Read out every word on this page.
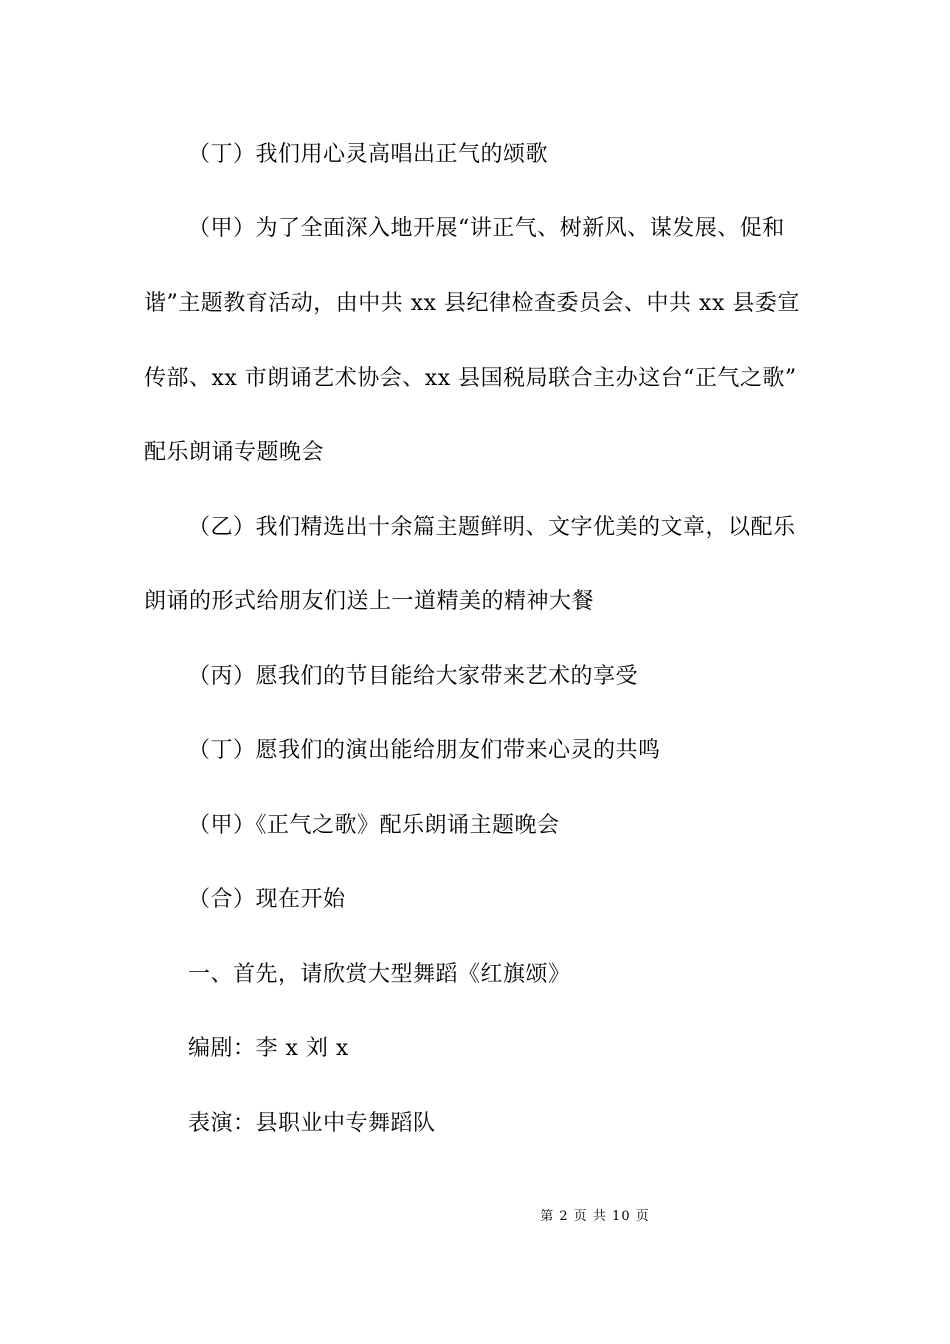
（丁）我们用心灵高唱出正气的颂歌
（甲）为了全面深入地开展“讲正气、树新风、谋发展、促和
谐”主题教育活动，由中共 xx 县纪律检查委员会、中共 xx 县委宣
传部、xx 市朗诵艺术协会、xx 县国税局联合主办这台“正气之歌”
配乐朗诵专题晚会
（乙）我们精选出十余篇主题鲜明、文字优美的文章，以配乐
朗诵的形式给朋友们送上一道精美的精神大餐
（丙）愿我们的节目能给大家带来艺术的享受
（丁）愿我们的演出能给朋友们带来心灵的共鸣
（甲）《正气之歌》配乐朗诵主题晚会
（合）现在开始
一、首先，请欣赏大型舞蹈《红旗颂》
编剧：李 x 刘 x
表演：县职业中专舞蹈队
第 2 页 共 10 页
